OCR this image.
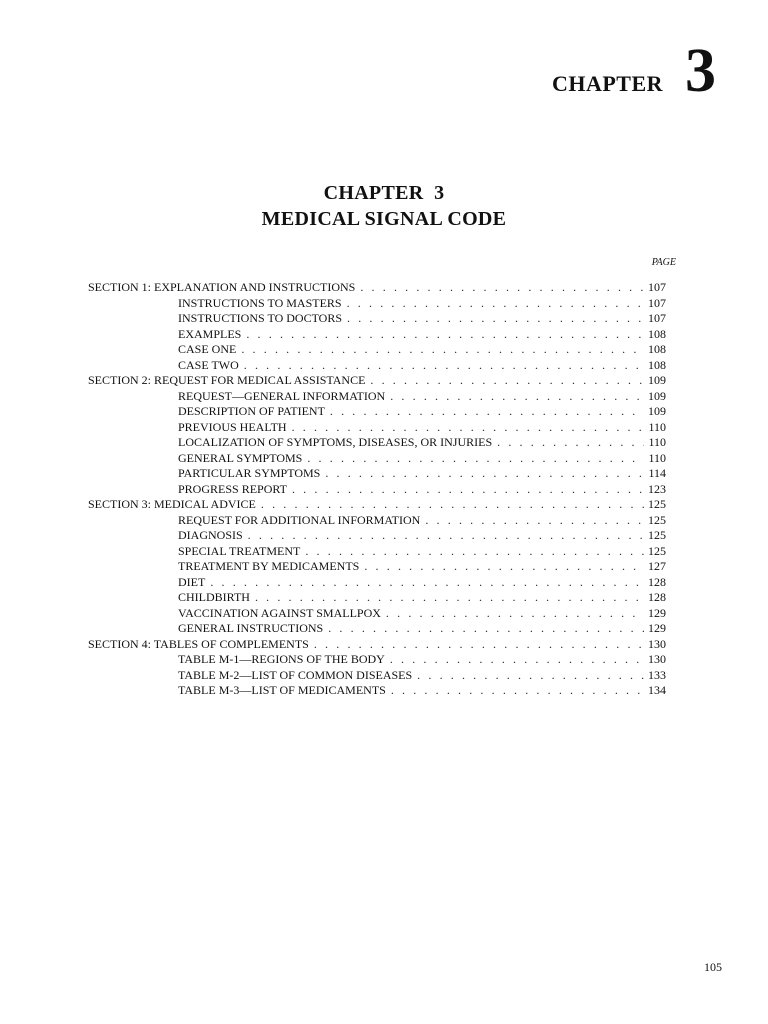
CHAPTER 3
CHAPTER  3
MEDICAL SIGNAL CODE
PAGE
SECTION 1: EXPLANATION AND INSTRUCTIONS . . .	107
INSTRUCTIONS TO MASTERS . . .	107
INSTRUCTIONS TO DOCTORS . . .	107
EXAMPLES . . .	108
CASE ONE . . .	108
CASE TWO . . .	108
SECTION 2: REQUEST FOR MEDICAL ASSISTANCE . . .	109
REQUEST—GENERAL INFORMATION . . .	109
DESCRIPTION OF PATIENT . . .	109
PREVIOUS HEALTH . . .	110
LOCALIZATION OF SYMPTOMS, DISEASES, OR INJURIES . . .	110
GENERAL SYMPTOMS . . .	110
PARTICULAR SYMPTOMS . . .	114
PROGRESS REPORT . . .	123
SECTION 3: MEDICAL ADVICE . . .	125
REQUEST FOR ADDITIONAL INFORMATION . . .	125
DIAGNOSIS . . .	125
SPECIAL TREATMENT . . .	125
TREATMENT BY MEDICAMENTS . . .	127
DIET . . .	128
CHILDBIRTH . . .	128
VACCINATION AGAINST SMALLPOX . . .	129
GENERAL INSTRUCTIONS . . .	129
SECTION 4: TABLES OF COMPLEMENTS . . .	130
TABLE M-1—REGIONS OF THE BODY . . .	130
TABLE M-2—LIST OF COMMON DISEASES . . .	133
TABLE M-3—LIST OF MEDICAMENTS . . .	134
105
